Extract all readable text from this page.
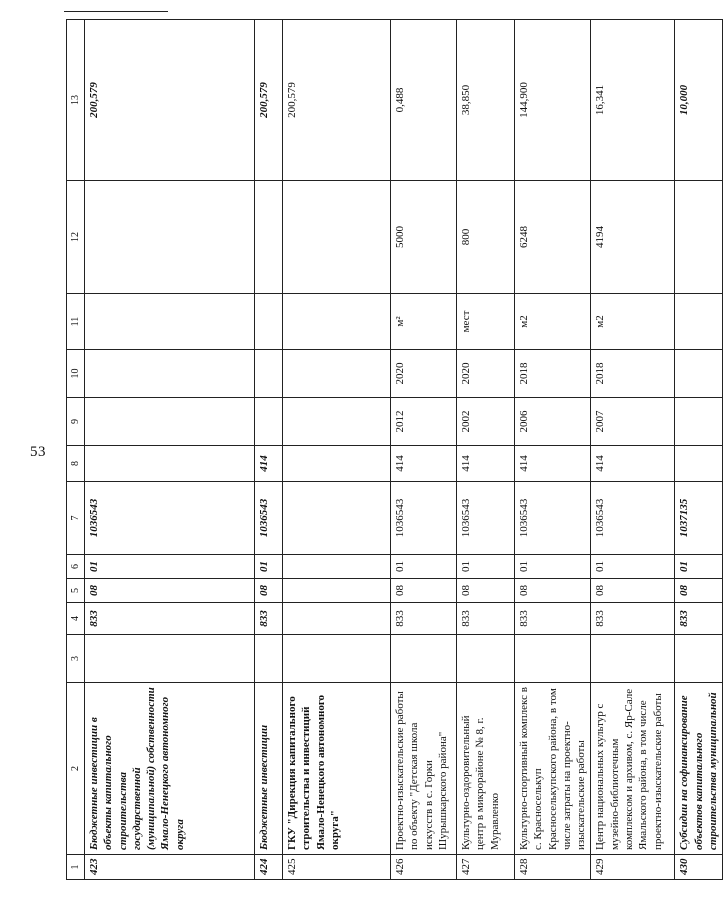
53
1	2	3	4	5	6	7	8	9	10	11	12	13
423	Бюджетные инвестиции в объекты капитального строительства государственной (муниципальной) собственности Ямало-Ненецкого автономного округа		833	08	01	1036543						200,579
424	Бюджетные инвестиции		833	08	01	1036543	414					200,579
425	ГКУ "Дирекция капитального строительства и инвестиций Ямало-Ненецкого автономного округа"											200,579
426	Проектно-изыскательские работы по объекту "Детская школа искусств в с. Горки Шурышкарского района"		833	08	01	1036543	414	2012	2020	м²	5000	0,488
427	Культурно-оздоровительный центр в микрорайоне № 8, г. Муравленко		833	08	01	1036543	414	2002	2020	мест	800	38,850
428	Культурно-спортивный комплекс в с. Красноселькуп Красноселькупского района, в том числе затраты на проектно-изыскательские работы		833	08	01	1036543	414	2006	2018	м2	6248	144,900
429	Центр национальных культур с музейно-библиотечным комплексом и архивом, с. Яр-Сале Ямальского района, в том числе проектно-изыскательские работы		833	08	01	1036543	414	2007	2018	м2	4194	16,341
430	Субсидии на софинансирование объектов капитального строительства муниципальной		833	08	01	1037135						10,000
